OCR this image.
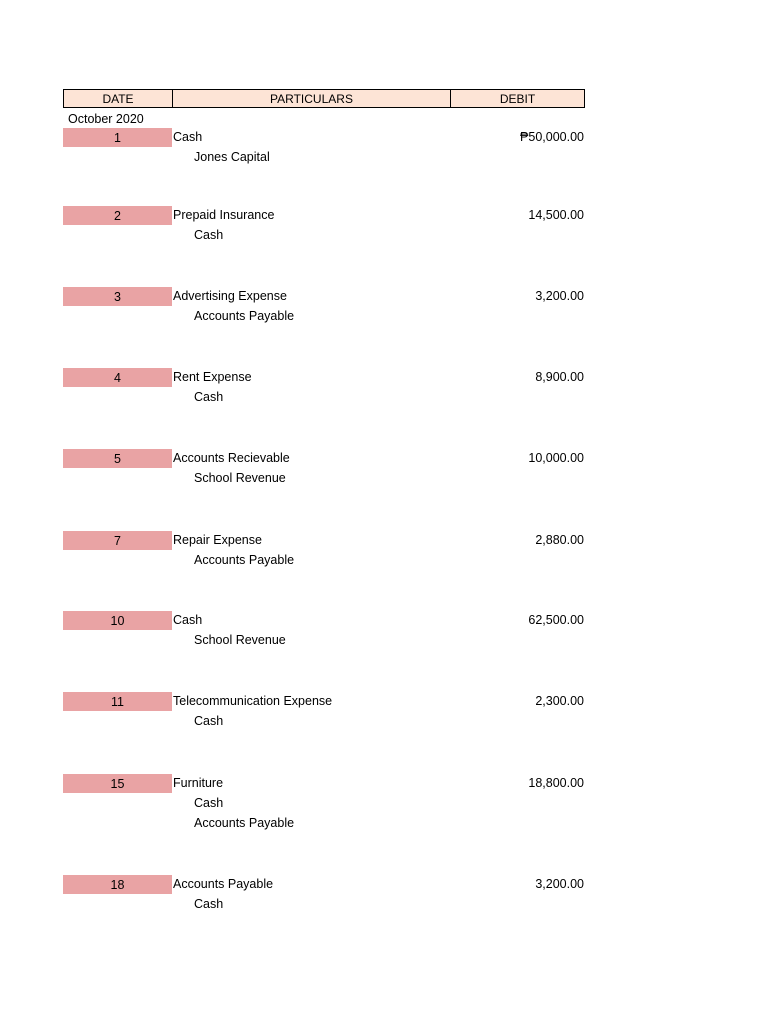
DATE	PARTICULARS	DEBIT
October 2020
1	Cash	₱50,000.00
Jones Capital
2	Prepaid Insurance	14,500.00
Cash
3	Advertising Expense	3,200.00
Accounts Payable
4	Rent Expense	8,900.00
Cash
5	Accounts Recievable	10,000.00
School Revenue
7	Repair Expense	2,880.00
Accounts Payable
10	Cash	62,500.00
School Revenue
11	Telecommunication Expense	2,300.00
Cash
15	Furniture	18,800.00
Cash
Accounts Payable
18	Accounts Payable	3,200.00
Cash
